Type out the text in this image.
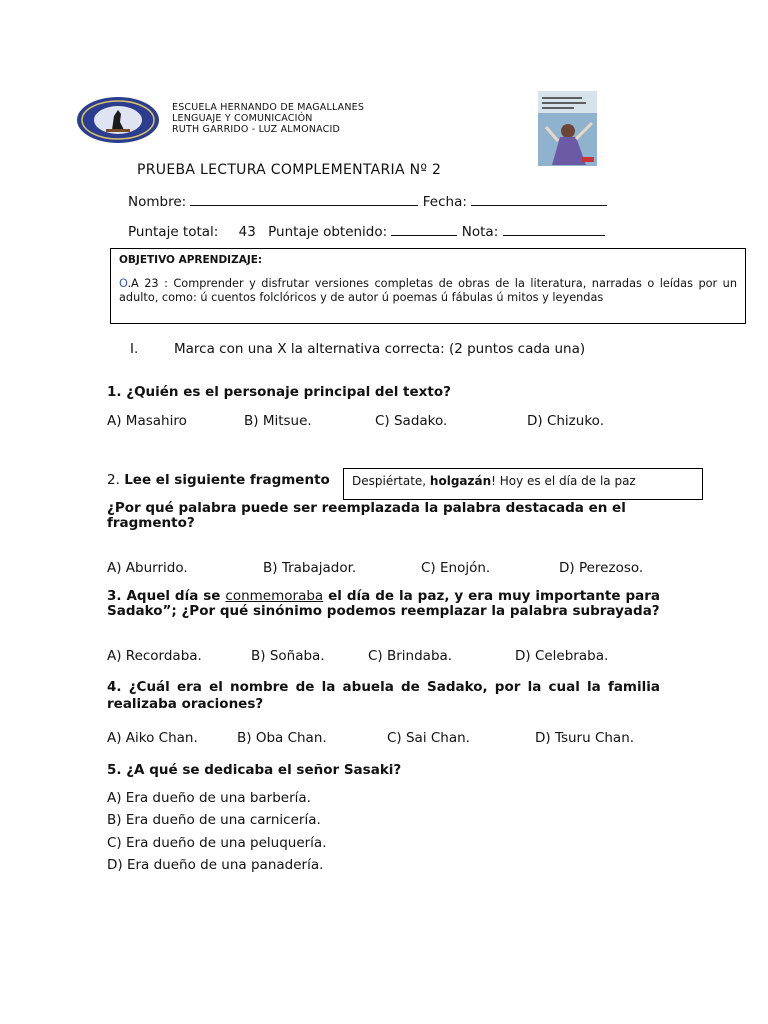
ESCUELA HERNANDO DE MAGALLANES
LENGUAJE Y COMUNICACIÓN
RUTH GARRIDO - LUZ ALMONACID
PRUEBA LECTURA COMPLEMENTARIA Nº 2
Nombre:	Fecha:
Puntaje total: 43 Puntaje obtenido:	Nota:
OBJETIVO APRENDIZAJE:

O.A 23 : Comprender y disfrutar versiones completas de obras de la literatura, narradas o leídas por un adulto, como: ú cuentos folclóricos y de autor ú poemas ú fábulas ú mitos y leyendas

I.	Marca con una X la alternativa correcta: (2 puntos cada una)
1. ¿Quién es el personaje principal del texto?
A) Masahiro	B) Mitsue.	C) Sadako.	D) Chizuko.
2. Lee el siguiente fragmento	Despiértate, holgazán! Hoy es el día de la paz
¿Por qué palabra puede ser reemplazada la palabra destacada en el fragmento?
A) Aburrido.	B) Trabajador.	C) Enojón.	D) Perezoso.
3. Aquel día se conmemoraba el día de la paz, y era muy importante para Sadako”; ¿Por qué sinónimo podemos reemplazar la palabra subrayada?
A) Recordaba.	B) Soñaba.	C) Brindaba.	D) Celebraba.
4. ¿Cuál era el nombre de la abuela de Sadako, por la cual la familia realizaba oraciones?
A) Aiko Chan.	B) Oba Chan.	C) Sai Chan.	D) Tsuru Chan.
5. ¿A qué se dedicaba el señor Sasaki?
A) Era dueño de una barbería.
B) Era dueño de una carnicería.
C) Era dueño de una peluquería.
D) Era dueño de una panadería.
